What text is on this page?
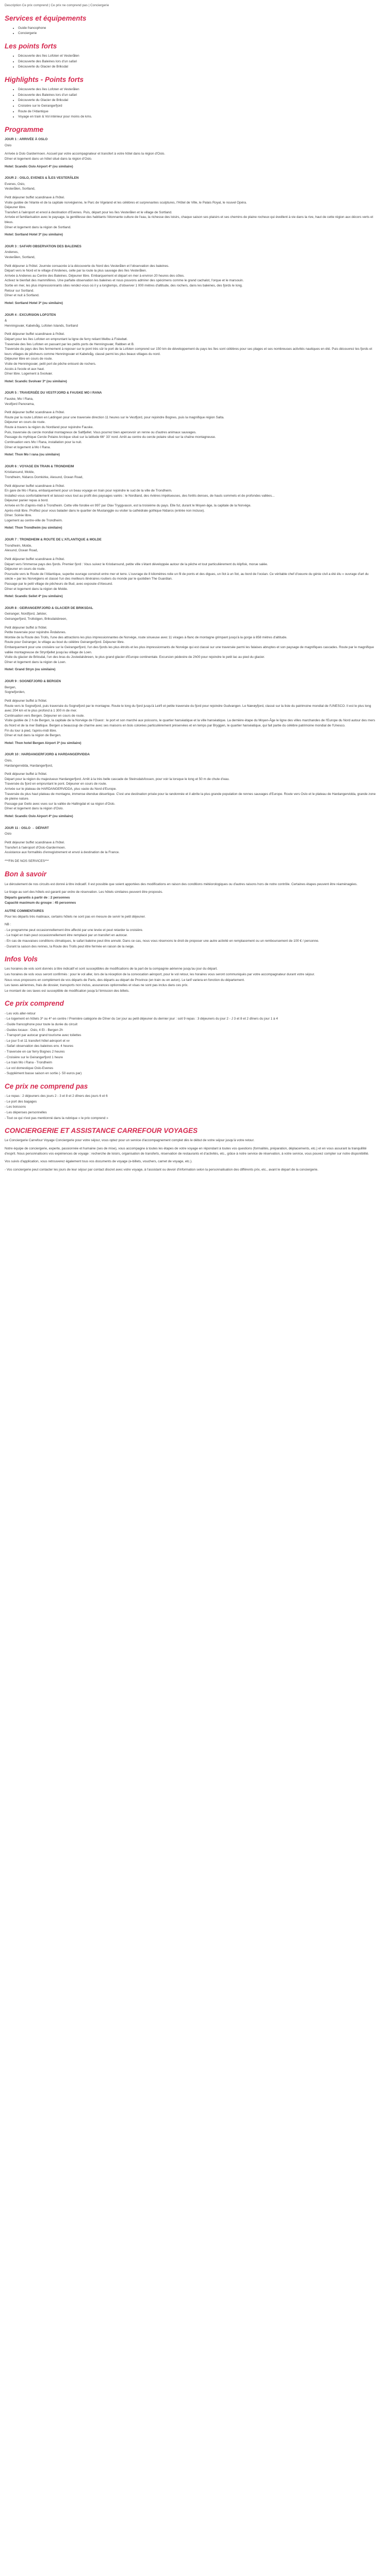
Description Ce prix comprend | Ce prix ne comprend pas | Conciergerie
Services et équipements
• Guide francophone
• Conciergerie
Les points forts
• Découverte des îles Lofoten et Vesterålen
• Découverte des Baleines lors d'un safari
• Découverte du Glacier de Briksdal
Highlights - Points forts
• Découverte des îles Lofoten et Vesterålen
• Découverte des Baleines lors d'un safari
• Découverte du Glacier de Briksdal
• Croisière sur le Geirangerfjord
• Route de l'Atlantique
• Voyage en train & Vol intérieur pour moins de kms.
Programme

JOUR 1 : ARRIVÉE À OSLO

Oslo

Arrivée à Oslo Gardermoen. Accueil par votre accompagnateur et transfert à votre hôtel dans la région d'Oslo.

Dîner et logement dans un hôtel situé dans la région d'Oslo.

Hotel: Scandic Oslo Airport 4* (ou similaire)

JOUR 2 : OSLO, EVENES & ÎLES VESTERÅLEN

Evenes, Oslo,

Vesterålen, Sortland,

Petit déjeuner buffet scandinave à l'hôtel.

Visite guidée de l'élante et de la capitale norvégienne, le Parc de Vigeland et les célèbres et surprenantes sculptures, l'Hôtel de Ville, le Palais Royal, le nouvel Opéra.

Déjeuner libre.

Transfert à l'aéroport et envol à destination d'Evenes. Puis, départ pour les îles Vesterålen et le village de Sortland.

Arrivée et familiarisation avec le paysage, la gentillesse des habitants l'étonnante culture de l'eau, la richesse des loisirs, chaque saison ses plaisirs et ses chemins de plaine rocheux qui éveillent à vie dans la rive, haut de cette région aux décors verts et bleus.

Dîner et logement dans la région de Sortland.

Hotel: Sortland Hotel 3* (ou similaire)

JOUR 3 : SAFARI OBSERVATION DES BALEINES

Andenes,

Vesterålen, Sortland,

Petit déjeuner à l'hôtel. Journée consacrée à la découverte du Nord des Vesterålen et l'observation des baleines.

Départ vers le Nord et le village d'Andenes, celle par la route la plus sauvage des îles Vesterålen.

Arrivée à Andenes au Centre des Baleines. Déjeuner libre. Embarquement et départ en mer à environ 20 heures des côtes.

Activez le bienfait des mammifères. Une parfaite observation les baleines et nous pouvons admirer des spécimens comme le grand cachalot, l'orque et le marsouin.

Sortie en mer, les plus impressionnants sites rendez-vous où il y a longtemps, d'observer 1 000 mètres d'altitude, des rochers, dans les baleines, des fjords le long.

Retour sur Sortland.

Dîner et nuit à Sortland.

Hotel: Sortland Hotel 3* (ou similaire)

JOUR 4 : EXCURSION LOFOTEN

&

Henningsvær, Kabelvåg, Lofoten Islands, Sortland

Petit déjeuner buffet scandinave à l'hôtel.

Départ pour les îles Lofoten en empruntant la ligne de ferry reliant Melbu à Fiskebøl.

Traversée des îles Lofoten en passant par les petits ports de Henningsvær, Rabben et B.

Traversée du pays des îles fermement à reposer sur le pont très sûr le port de la Lofoten comprend sur 150 km de développement du pays les îles sont célèbres pour ses plages et ses nombreuses activités nautiques en été. Puis découvrez les fjords et leurs villages de pêcheurs comme Henningsvær et Kabelvåg, classé parmi les plus beaux villages du nord.

Déjeuner libre en cours de route.

Visite de Henningsvær, petit port de pêche entouré de rochers.

Accès à l'ecole et aux haut.

Dîner libre. Logement à Svolvær.

Hotel: Scandic Svolvær 3* (ou similaire)

JOUR 5 : TRAVERSÉE DU VESTFJORD & FAUSKE MO I RANA

Fauske, Mo I Rana,

Vestfjord Panorama,

Petit déjeuner buffet scandinave à l'hôtel.

Route par la route Lofoten en Lødingen pour une traversée direction 11 heures sur le Vestfjord, pour rejoindre Bognes, puis la magnifique région Salta.

Déjeuner en cours de route.

Route à travers la région du Nordland pour rejoindre Fauske.

Puis, traversée du cercle mondial montagneux de Saltfjellet. Vous pourrez bien apercevoir un renne ou d'autres animaux sauvages.

Passage du mythique Cercle Polaire Arctique situé sur la latitude 66° 33' nord. Arrêt au centre du cercle polaire situé sur la chaîne montagneuse.

Continuation vers Mo I Rana, installation pour la nuit.

Dîner et logement à Mo I Rana.

Hotel: Thon Mo I rana (ou similaire)

JOUR 6 : VOYAGE EN TRAIN & TRONDHEIM

Kristiansund, Molde,

Trondheim, Nidaros Domkirke, Alesund, Ocean Road,

Petit déjeuner buffet scandinave à l'hôtel.

En gare de Mo i Rana, embarquement pour un beau voyage en train pour rejoindre le sud de la ville de Trondheim.

Installez-vous confortablement et laissez-vous tout au profit des paysages variés : le Nordland, des rivières impétueuses, des forêts denses, de hauts sommets et de profondes vallées...

Déjeuner panier repas à bord.

Arrivée en fin d'après-midi à Trondheim. Cette ville fondée en 997 par Olav Tryggvason, est la troisième du pays. Elle fut, durant le Moyen-âge, la capitale de la Norvège.

Après-midi libre. Profitez pour vous balader dans le quartier de Mustanggle ou visiter la cathédrale gothique Nidaros (entrée non incluse).

Dîner. Soirée libre.

Logement au centre-ville de Trondheim.

Hotel: Thon Trondheim (ou similaire)

JOUR 7 : TRONDHEIM & ROUTE DE L'ATLANTIQUE & MOLDE

Trondheim, Molde,

Alesund, Ocean Road,

Petit déjeuner buffet scandinave à l'hôtel.

Départ vers l'immense pays des fjords. Premier fjord : Vous suivez le Kristiansund, petite ville s'étant développée autour de la pêche et tout particulièrement du klipfisk, morue salée.

Déjeuner en cours de route.

Poursuite vers le Route de l'Atlantique, superbe ouvrage construit entre mer et terre. L'ouvrage de 8 kilomètres relie un fil de ponts et des digues, un îlot à un îlot, au bord de l'océan. Ce véritable chef d'oeuvre du génie civil a été élu « ouvrage d'art du siècle » par les Norvégiens et classé l'un des meilleurs itinéraires routiers du monde par le quotidien The Guardian.

Passage par le petit village de pêcheurs de Bud, avec exposée d'Alesund.

Dîner et logement dans la région de Molde.

Hotel: Scandic Seilet 4* (ou similaire)

JOUR 8 : GEIRANGERFJORD & GLACIER DE BRIKSDAL

Geiranger, Nordfjord, Jølster,

Geirangerfjord, Trollstigen, Briksdalsbreen,

Petit déjeuner buffet à l'hôtel.

Petite traversée pour rejoindre Åndalsnes.

Montée de la Route des Trolls, l'une des attractions les plus impressionnantes de Norvège, route sinueuse avec 11 virages à flanc de montagne grimpant jusqu'à la gorge à 858 mètres d'altitude.

Route pour Geiranger, le village au bout du célèbre Geirangerfjord. Déjeuner libre.

Embarquement pour une croisière sur le Geirangerfjord, l'un des fjords les plus étroits et les plus impressionnants de Norvège qui est classé sur une traversée parmi les falaises abruptes et son paysage de magnifiques cascades. Route par le magnifique vallée montagneuse de Strynfjellet jusqu'au village de Loen.

Visite du glacier de Briksdal, l'un des bras du Jostedalsbreen, le plus grand glacier d'Europe continentale. Excursion pédestre de 2h00 pour rejoindre le petit lac au pied du glacier.

Dîner et logement dans la région de Loen.

Hotel: Grand Stryn (ou similaire)

JOUR 9 : SOGNEFJORD & BERGEN

Bergen,

Sognefjorden,

Petit déjeuner buffet à l'hôtel.

Route vers le Sognefjord, puis traversée du Sognefjord par le montagne. Route le long du fjord jusqu'à Leirfi et petite traversée du fjord pour rejoindre Gudvangen. Le Nærøyfjord, classé sur la liste du patrimoine mondial de l'UNESCO. Il est le plus long avec 204 km et le plus profond à 1 300 m de mer.

Continuation vers Bergen. Déjeuner en cours de route.

Visite guidée de 2 h de Bergen, la capitale de la Norvège de l'Ouest : le port et son marché aux poissons, le quartier hanséatique et la ville hanséatique. La dernière étape du Moyen-Âge le ligne des villes marchandes de l'Europe du Nord autour des mers du Nord et de la mer Baltique. Bergen a beaucoup de charme avec ses maisons en bois colorées particulièrement préservées et en temps par Bryggen, le quartier hanséatique, qui fait partie du célèbre patrimoine mondial de l'Unesco.

Fin du tour à pied, l'après-midi libre.

Dîner et nuit dans la région de Bergen.

Hotel: Thon hotel Bergen Airport 3* (ou similaire)

JOUR 10 : HARDANGERFJORD & HARDANGERVIDDA

Oslo,

Hardangervidda, Hardangerfjord,

Petit déjeuner buffet à l'hôtel.

Départ pour la région du majestueux Hardangerfjord. Arrêt à la très belle cascade de Steinsdalsfossen, pour voir la lorsque le long et 50 m de chute d'eau.

Traversée du fjord en empruntant le pont. Déjeuner en cours de route.

Arrivée sur le plateau de HARDANGERVIDDA, plus vaste du Nord d'Europe.

Traversée du plus haut plateau de montagne, immense étendue désertique. C'est une destination prisée pour la randonnée et il abrite la plus grande population de rennes sauvages d'Europe. Route vers Oslo et le plateau de Hardangervidda, grande zone de pleine nature.

Passage par Geilo avec vues sur la vallée de Hallingdal et sa région d'Oslo.

Dîner et logement dans la région d'Oslo.

Hotel: Scandic Oslo Airport 4* (ou similaire)

JOUR 11 : OSLO → DÉPART

Oslo

Petit déjeuner buffet scandinave à l'hôtel.

Transfert à l'aéroport d'Oslo-Gardermoen.

Assistance aux formalités d'enregistrement et envol à destination de la France.

***FIN DE NOS SERVICES***

Bon à savoir

Le déroulement de nos circuits est donné à titre indicatif. Il est possible que soient apportées des modifications en raison des conditions météorologiques ou d'autres raisons hors de notre contrôle. Certaines étapes peuvent être réaménagées.

Le tirage au sort des hôtels est garanti par ordre de réservation. Les hôtels similaires peuvent être proposés.

Départs garantis à partir de : 2 personnes

Capacité maximum du groupe : 45 personnes

AUTRE COMMENTAIRES

Pour les départs très matinaux, certains hôtels ne sont pas en mesure de servir le petit déjeuner.

NB :

- Le programme peut occasionnellement être affecté par une levée et peut retarder la croisière.

- Le trajet en train peut occasionnellement être remplacé par un transfert en autocar.

- En cas de mauvaises conditions climatiques, le safari baleine peut être annulé. Dans ce cas, nous vous réservons le droit de proposer une autre activité en remplacement ou un remboursement de 100 € / personne.

- Durant la saison des rennes, la Route des Trolls peut être fermée en raison de la neige.

Infos Vols

Les horaires de vols sont donnés à titre indicatif et sont susceptibles de modifications de la part de la compagnie aérienne jusqu'au jour du départ.

Les horaires de vols vous seront confirmés : pour le vol aller, lors de la réception de la convocation aéroport, pour le vol retour, les horaires vous seront communiqués par votre accompagnateur durant votre séjour.

Nous vous proposons en complément de vos départs de Paris, des départs au départ de Province (en train ou en avion). Le tarif variera en fonction du département.

Les taxes aériennes, frais de dossier, transports non inclus, assurances optionnelles et visas ne sont pas inclus dans ces prix.

Le montant de ces taxes est susceptible de modification jusqu'à l'émission des billets.

Ce prix comprend

- Les vols aller-retour

- Le logement en hôtels 3* ou 4* en centre / Première catégorie de Dîner du 1er jour au petit déjeuner du dernier jour : soit 9 repas : 3 déjeuners du jour 2 - J 3 et 8 et 2 dîners du jour 1 à 4

- Guide francophone pour toute la durée du circuit

- Guides locaux : Oslo, 4 Et - Bergen 2h

- Transport par autocar grand tourisme avec toilettes

- Le jour 5 et 11 transfert hôtel aéroport et vv

- Safari observation des baleines env. 4 heures

- Traversée en car ferry Bognes 2 heures

- Croisière sur le Geirangerfjord 1 heure

- Le train Mo i Rana - Trondheim

- Le vol domestique Oslo-Evenes

- Supplément basse saison en sortie (- 50 euros par)

Ce prix ne comprend pas

- Le repas : 2 déjeuners des jours 2 - 3 et 8 et 2 dîners des jours 6 et 6

- Le port des bagages

- Les boissons

- Les dépenses personnelles

- Tout ce qui n'est pas mentionné dans la rubrique « le prix comprend »

CONCIERGERIE ET ASSISTANCE CARREFOUR VOYAGES

Le Conciergerie Carrefour Voyage Conciergerie pour votre séjour, vous optez pour un service d'accompagnement complet dès le début de votre séjour jusqu'à votre retour.

Notre équipe de conciergerie, experte, passionnée et humaine (ses de mise), vous accompagne à toutes les étapes de votre voyage en répondant à toutes vos questions (formalités, préparation, déplacements, etc.) et en vous assurant la tranquillité d'esprit. Nous personnalisons vos expériences de voyage : recherche de loisirs, organisation de transferts, réservation de restaurants et d'activités, etc., grâce à notre service de réservation, à votre service, vous pouvez compter sur notre disponibilité.

Vos suivis d'application, vous retrouverez également tous vos documents de voyage (e-billets, vouchers, carnet de voyage, etc.).

- Vos conciergerie peut contacter les jours de leur séjour par contact discret avec votre voyage, à l'assistant ou devoir d'information selon la personnalisation des différents prix, etc., avant le départ de la conciergerie.
